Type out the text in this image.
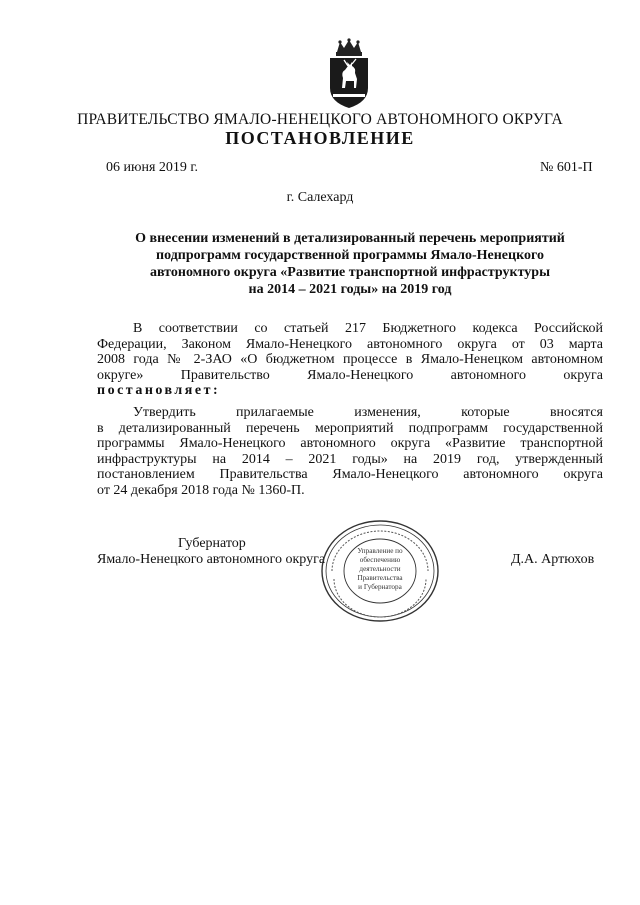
ПРАВИТЕЛЬСТВО ЯМАЛО-НЕНЕЦКОГО АВТОНОМНОГО ОКРУГА
ПОСТАНОВЛЕНИЕ
06 июня 2019 г.	№ 601-П
г. Салехард
О внесении изменений в детализированный перечень мероприятий
подпрограмм государственной программы Ямало-Ненецкого
автономного округа «Развитие транспортной инфраструктуры
на 2014 – 2021 годы» на 2019 год
В соответствии со статьей 217 Бюджетного кодекса Российской
Федерации, Законом Ямало-Ненецкого автономного округа от 03 марта
2008 года № 2-ЗАО «О бюджетном процессе в Ямало-Ненецком автономном
округе» Правительство Ямало-Ненецкого автономного округа
постановляет:
Утвердить прилагаемые изменения, которые вносятся
в детализированный перечень мероприятий подпрограмм государственной
программы Ямало-Ненецкого автономного округа «Развитие транспортной
инфраструктуры на 2014 – 2021 годы» на 2019 год, утвержденный
постановлением Правительства Ямало-Ненецкого автономного округа
от 24 декабря 2018 года № 1360-П.
Губернатор
Ямало-Ненецкого автономного округа	Д.А. Артюхов
Управление по
обеспечению
деятельности
Правительства
и Губернатора
